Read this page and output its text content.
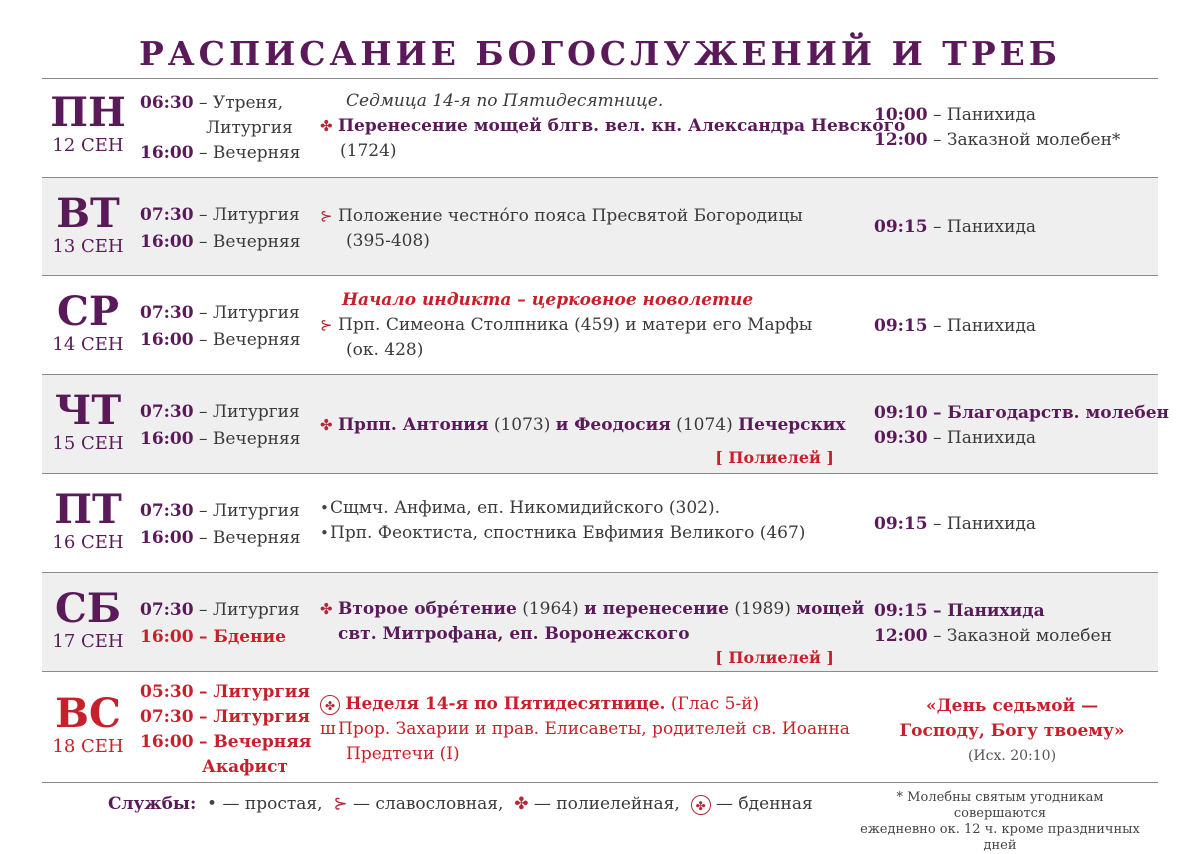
РАСПИСАНИЕ БОГОСЛУЖЕНИЙ И ТРЕБ
ПН
12 СЕН
06:30 – Утреня,
Литургия
16:00 – Вечерняя
Седмица 14-я по Пятидесятнице.
✤ Перенесение мощей блгв. вел. кн. Александра Невского
(1724)
10:00 – Панихида
12:00 – Заказной молебен*
ВТ
13 СЕН
07:30 – Литургия
16:00 – Вечерняя
⊱ Положение честно́го пояса Пресвятой Богородицы
(395-408)
09:15 – Панихида
СР
14 СЕН
07:30 – Литургия
16:00 – Вечерняя
Начало индикта – церковное новолетие
⊱ Прп. Симеона Столпника (459) и матери его Марфы
(ок. 428)
09:15 – Панихида
ЧТ
15 СЕН
07:30 – Литургия
16:00 – Вечерняя
✤ Прпп. Антония (1073) и Феодосия (1074) Печерских
[ Полиелей ]
09:10 – Благодарств. молебен
09:30 – Панихида
ПТ
16 СЕН
07:30 – Литургия
16:00 – Вечерняя
•Сщмч. Анфима, еп. Никомидийского (302).
•Прп. Феоктиста, спостника Евфимия Великого (467)	09:15 – Панихида
СБ
17 СЕН
07:30 – Литургия
16:00 – Бдение
✤ Второе обре́тение (1964) и перенесение (1989) мощей
свт. Митрофана, еп. Воронежского
[ Полиелей ]
09:15 – Панихида
12:00 – Заказной молебен
ВС
18 СЕН
05:30 – Литургия
07:30 – Литургия
16:00 – Вечерняя
Акафист
✤ Неделя 14-я по Пятидесятнице. (Глас 5-й)
ш Прор. Захарии и прав. Елисаветы, родителей св. Иоанна
Предтечи (I)
«День седьмой —
Господу, Богу твоему»
(Исх. 20:10)
Службы: • — простая, ⊱ — славословная, ✤ — полиелейная, ✤ — бденная	* Молебны святым угодникам совершаются
ежедневно ок. 12 ч. кроме праздничных дней
